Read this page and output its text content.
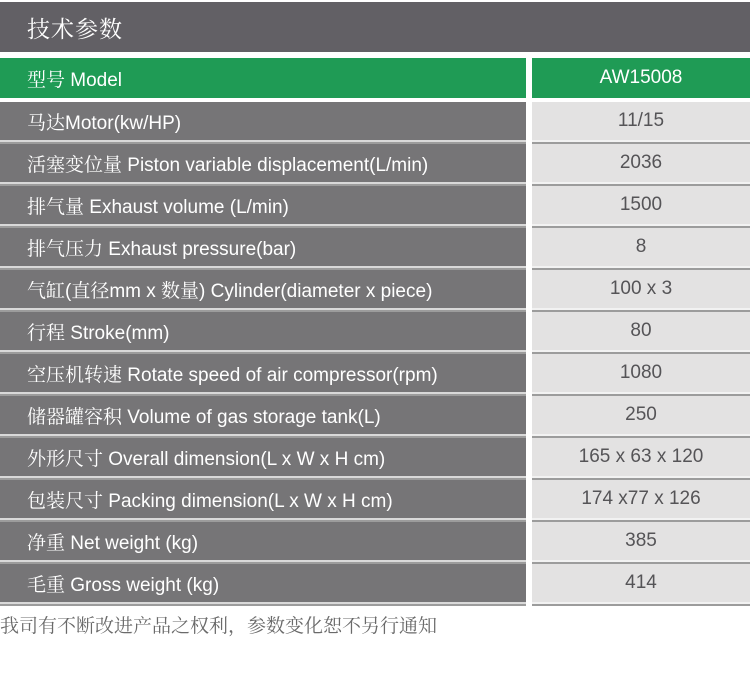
技术参数
型号 Model	AW15008
马达Motor(kw/HP)	11/15
活塞变位量 Piston variable displacement(L/min)	2036
排气量 Exhaust volume (L/min)	1500
排气压力 Exhaust pressure(bar)	8
气缸(直径mm x 数量) Cylinder(diameter x piece)	100 x 3
行程 Stroke(mm)	80
空压机转速 Rotate speed of air compressor(rpm)	1080
储器罐容积 Volume of gas storage tank(L)	250
外形尺寸 Overall dimension(L x W x H cm)	165 x 63 x 120
包装尺寸 Packing dimension(L x W x H cm)	174 x77 x 126
净重 Net weight (kg)	385
毛重 Gross weight (kg)	414
我司有不断改进产品之权利，参数变化恕不另行通知
